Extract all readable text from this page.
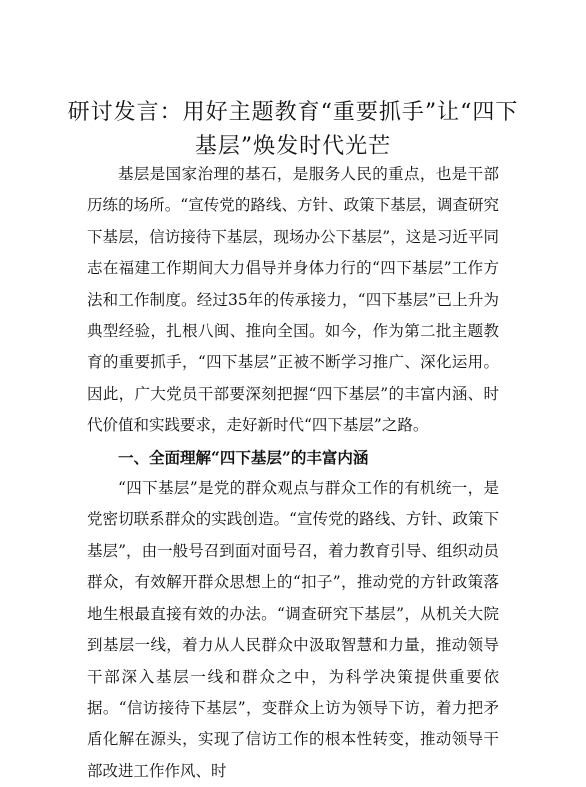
研讨发言：用好主题教育“重要抓手”让“四下基层”焕发时代光芒

基层是国家治理的基石，是服务人民的重点，也是干部历练的场所。“宣传党的路线、方针、政策下基层，调查研究下基层，信访接待下基层，现场办公下基层”，这是习近平同志在福建工作期间大力倡导并身体力行的“四下基层”工作方法和工作制度。经过35年的传承接力，“四下基层”已上升为典型经验，扎根八闽、推向全国。如今，作为第二批主题教育的重要抓手，“四下基层”正被不断学习推广、深化运用。因此，广大党员干部要深刻把握“四下基层”的丰富内涵、时代价值和实践要求，走好新时代“四下基层”之路。

一、全面理解“四下基层”的丰富内涵

“四下基层”是党的群众观点与群众工作的有机统一，是党密切联系群众的实践创造。“宣传党的路线、方针、政策下基层”，由一般号召到面对面号召，着力教育引导、组织动员群众，有效解开群众思想上的“扣子”，推动党的方针政策落地生根最直接有效的办法。“调查研究下基层”，从机关大院到基层一线，着力从人民群众中汲取智慧和力量，推动领导干部深入基层一线和群众之中，为科学决策提供重要依据。“信访接待下基层”，变群众上访为领导下访，着力把矛盾化解在源头，实现了信访工作的根本性转变，推动领导干部改进工作作风、时
